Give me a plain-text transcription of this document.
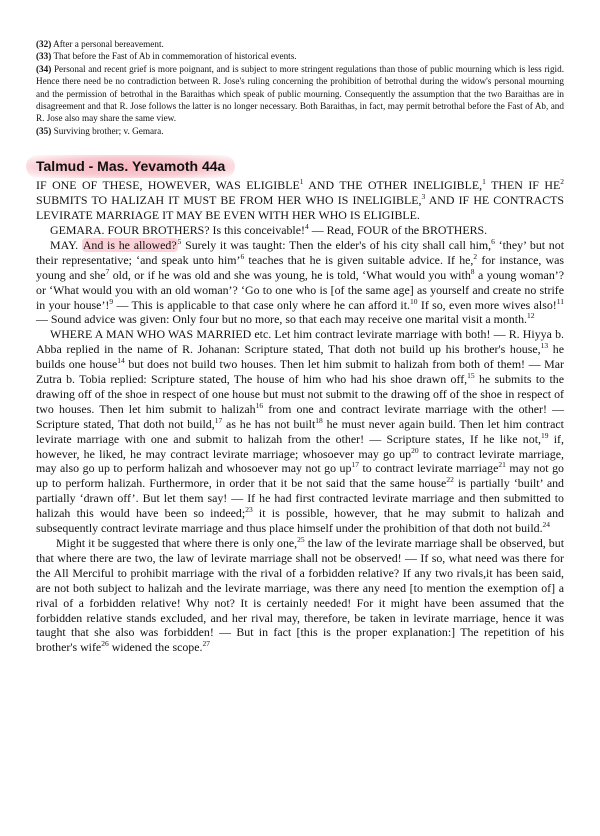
(32) After a personal bereavement.

(33) That before the Fast of Ab in commemoration of historical events.

(34) Personal and recent grief is more poignant, and is subject to more stringent regulations than those of public mourning which is less rigid. Hence there need be no contradiction between R. Jose's ruling concerning the prohibition of betrothal during the widow's personal mourning and the permission of betrothal in the Baraithas which speak of public mourning. Consequently the assumption that the two Baraithas are in disagreement and that R. Jose follows the latter is no longer necessary. Both Baraithas, in fact, may permit betrothal before the Fast of Ab, and R. Jose also may share the same view.

(35) Surviving brother; v. Gemara.

Talmud - Mas. Yevamoth 44a

IF ONE OF THESE, HOWEVER, WAS ELIGIBLE$^1$ AND THE OTHER INELIGIBLE,$^1$ THEN IF $HE^2$ SUBMITS TO HALIZAH IT MUST BE FROM HER WHO IS INELIGIBLE,$^3$ AND IF HE CONTRACTS LEVIRATE MARRIAGE IT MAY BE EVEN WITH HER WHO IS ELIGIBLE.

GEMARA. FOUR BROTHERS? Is this conceivable!$^4$ — Read, FOUR of the BROTHERS.

MAY. And is he allowed?$^5$ Surely it was taught: Then the elder's of his city shall call him,$^6$ ‘they’ but not their representative; ‘and speak unto him’$^6$ teaches that he is given suitable advice. If he,$^2$ for instance, was young and she$^7$ old, or if he was old and she was young, he is told, ‘What would you with$^8$ a young woman’? or ‘What would you with an old woman’? ‘Go to one who is [of the same age] as yourself and create no strife in your house’!$^9$ — This is applicable to that case only where he can afford it.$^{10}$ If so, even more wives also!$^{11}$ — Sound advice was given: Only four but no more, so that each may receive one marital visit a month.$^{12}$

WHERE A MAN WHO WAS MARRIED etc. Let him contract levirate marriage with both! — R. Hiyya b. Abba replied in the name of R. Johanan: Scripture stated, That doth not build up his brother's house,$^{13}$ he builds one house$^{14}$ but does not build two houses. Then let him submit to halizah from both of them! — Mar Zutra b. Tobia replied: Scripture stated, The house of him who had his shoe drawn off,$^{15}$ he submits to the drawing off of the shoe in respect of one house but must not submit to the drawing off of the shoe in respect of two houses. Then let him submit to halizah$^{16}$ from one and contract levirate marriage with the other! — Scripture stated, That doth not build,$^{17}$ as he has not built$^{18}$ he must never again build. Then let him contract levirate marriage with one and submit to halizah from the other! — Scripture states, If he like not,$^{19}$ if, however, he liked, he may contract levirate marriage; whosoever may go $up^{20}$ to contract levirate marriage, may also go up to perform halizah and whosoever may not go $up^{17}$ to contract levirate marriage$^{21}$ may not go up to perform halizah. Furthermore, in order that it be not said that the same house$^{22}$ is partially ‘built’ and partially ‘drawn off’. But let them say! — If he had first contracted levirate marriage and then submitted to halizah this would have been so indeed;$^{23}$ it is possible, however, that he may submit to halizah and subsequently contract levirate marriage and thus place himself under the prohibition of that doth not build.$^{24}$

Might it be suggested that where there is only one,$^{25}$ the law of the levirate marriage shall be observed, but that where there are two, the law of levirate marriage shall not be observed! — If so, what need was there for the All Merciful to prohibit marriage with the rival of a forbidden relative? If any two rivals,it has been said, are not both subject to halizah and the levirate marriage, was there any need [to mention the exemption of] a rival of a forbidden relative! Why not? It is certainly needed! For it might have been assumed that the forbidden relative stands excluded, and her rival may, therefore, be taken in levirate marriage, hence it was taught that she also was forbidden! — But in fact [this is the proper explanation:] The repetition of his brother's wife$^{26}$ widened the scope.$^{27}$
